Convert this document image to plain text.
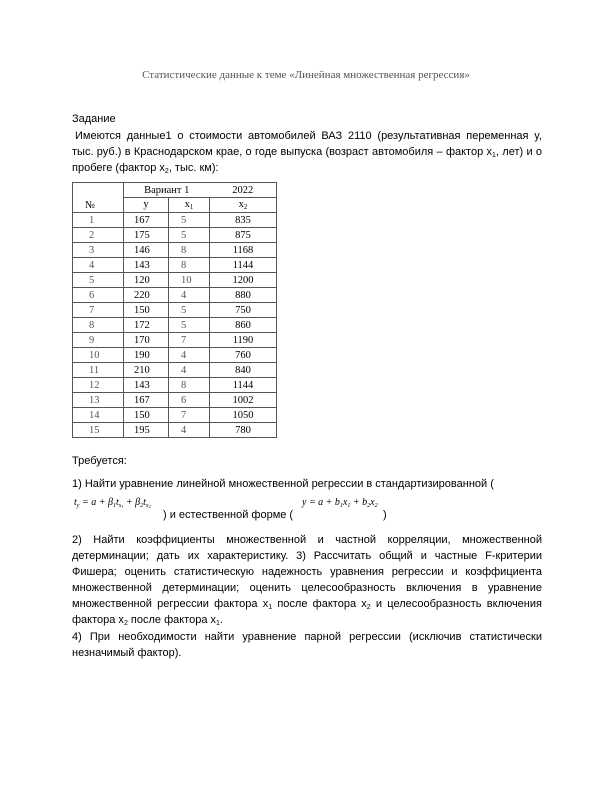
Статистические данные к теме «Линейная множественная регрессия»
Задание
Имеются данные1 о стоимости автомобилей ВАЗ 2110 (результативная переменная y, тыс. руб.) в Краснодарском крае, о годе выпуска (возраст автомобиля – фактор $x_1$, лет) и о пробеге (фактор $x_2$, тыс. км):
№	Вариант 1		2022
	y	$x_1$	$x_2$
1	167	5	835
2	175	5	875
3	146	8	1168
4	143	8	1144
5	120	10	1200
6	220	4	880
7	150	5	750
8	172	5	860
9	170	7	1190
10	190	4	760
11	210	4	840
12	143	8	1144
13	167	6	1002
14	150	7	1050
15	195	4	780
Требуется:
1) Найти уравнение линейной множественной регрессии в стандартизированной (
$t_y = a + \beta_1t_x1 + \beta_2t_x2$	$y = a + b_1x_1 + b_2x_2$
) и естественной форме (	)
2) Найти коэффициенты множественной и частной корреляции, множественной детерминации; дать их характеристику. 3) Рассчитать общий и частные F-критерии Фишера; оценить статистическую надежность уравнения регрессии и коэффициента множественной детерминации; оценить целесообразность включения в уравнение множественной регрессии фактора $x_1$ после фактора $x_2$ и целесообразность включения фактора $x_2$ после фактора $x_1$.
4) При необходимости найти уравнение парной регрессии (исключив статистически незначимый фактор).
